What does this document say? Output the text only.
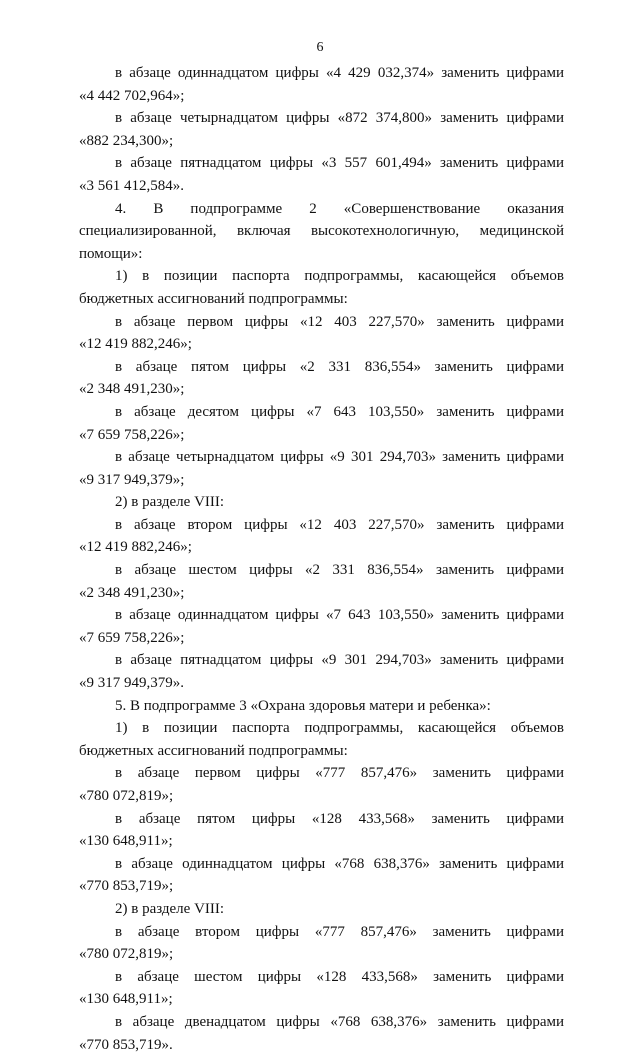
6

в абзаце одиннадцатом цифры «4 429 032,374» заменить цифрами
«4 442 702,964»;

в абзаце четырнадцатом цифры «872 374,800» заменить цифрами
«882 234,300»;

в абзаце пятнадцатом цифры «3 557 601,494» заменить цифрами
«3 561 412,584».

4. В подпрограмме 2 «Совершенствование оказания
специализированной, включая высокотехнологичную, медицинской помощи»:

1) в позиции паспорта подпрограммы, касающейся объемов
бюджетных ассигнований подпрограммы:

в абзаце первом цифры «12 403 227,570» заменить цифрами
«12 419 882,246»;

в абзаце пятом цифры «2 331 836,554» заменить цифрами
«2 348 491,230»;

в абзаце десятом цифры «7 643 103,550» заменить цифрами
«7 659 758,226»;

в абзаце четырнадцатом цифры «9 301 294,703» заменить цифрами
«9 317 949,379»;

2) в разделе VIII:

в абзаце втором цифры «12 403 227,570» заменить цифрами
«12 419 882,246»;

в абзаце шестом цифры «2 331 836,554» заменить цифрами
«2 348 491,230»;

в абзаце одиннадцатом цифры «7 643 103,550» заменить цифрами
«7 659 758,226»;

в абзаце пятнадцатом цифры «9 301 294,703» заменить цифрами
«9 317 949,379».

5. В подпрограмме 3 «Охрана здоровья матери и ребенка»:

1) в позиции паспорта подпрограммы, касающейся объемов
бюджетных ассигнований подпрограммы:

в абзаце первом цифры «777 857,476» заменить цифрами
«780 072,819»;

в абзаце пятом цифры «128 433,568» заменить цифрами
«130 648,911»;

в абзаце одиннадцатом цифры «768 638,376» заменить цифрами
«770 853,719»;

2) в разделе VIII:

в абзаце втором цифры «777 857,476» заменить цифрами
«780 072,819»;

в абзаце шестом цифры «128 433,568» заменить цифрами
«130 648,911»;

в абзаце двенадцатом цифры «768 638,376» заменить цифрами
«770 853,719».
